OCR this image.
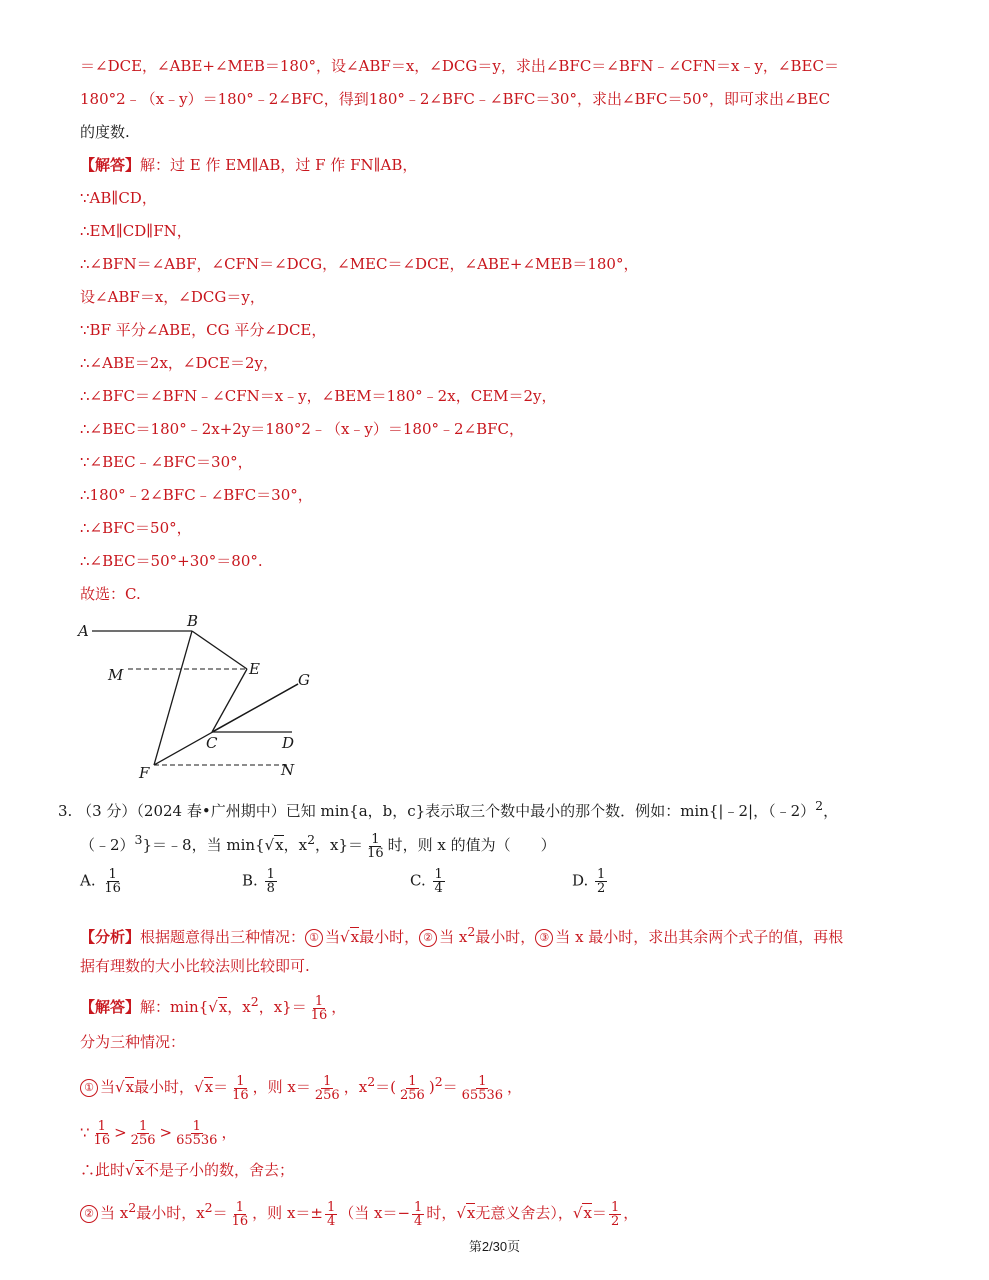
＝∠DCE，∠ABE+∠MEB＝180°，设∠ABF＝x，∠DCG＝y，求出∠BFC＝∠BFN﹣∠CFN＝x﹣y，∠BEC＝
180°2﹣（x﹣y）＝180°﹣2∠BFC，得到180°﹣2∠BFC﹣∠BFC＝30°，求出∠BFC＝50°，即可求出∠BEC
的度数.
【解答】解：过 E 作 EM∥AB，过 F 作 FN∥AB，
∵AB∥CD，
∴EM∥CD∥FN，
∴∠BFN＝∠ABF，∠CFN＝∠DCG，∠MEC＝∠DCE，∠ABE+∠MEB＝180°，
设∠ABF＝x，∠DCG＝y，
∵BF 平分∠ABE，CG 平分∠DCE，
∴∠ABE＝2x，∠DCE＝2y，
∴∠BFC＝∠BFN﹣∠CFN＝x﹣y，∠BEM＝180°﹣2x，CEM＝2y，
∴∠BEC＝180°﹣2x+2y＝180°2﹣（x﹣y）＝180°﹣2∠BFC，
∵∠BEC﹣∠BFC＝30°，
∴180°﹣2∠BFC﹣∠BFC＝30°，
∴∠BFC＝50°，
∴∠BEC＝50°+30°＝80°.
故选：C.
A
B
M	E
G
C	D
F	N
3. （3 分）（2024 春•广州期中）已知 min{a，b，c}表示取三个数中最小的那个数．例如：min{|﹣2|，（﹣2）$^2$，
（﹣2）$^3$}＝﹣8，当 min{√x，$x^2$，$x\}= \frac{1}{16}$ 时，则 x 的值为（　　）
A. $\frac{1}{16}$	B. $\frac{1}{8}$	C. $\frac{1}{4}$	D. $\frac{1}{2}$
【分析】根据题意得出三种情况： ① 当√x最小时， ② 当 $x^2$最小时， ③ 当 x 最小时，求出其余两个式子的值，再根
据有理数的大小比较法则比较即可.
【解答】解：min{√x，$x^2$，$x\}= \frac{1}{16}$ ，
分为三种情况：
① 当√x最小时，$√x= \frac{1}{16}$ ，则 $x= \frac{1}{256}$ ，$x^2=( \frac{1}{256} )^2= \frac{1}{65536}$ ，
∵ $\frac{1}{16} > \frac{1}{256} > \frac{1}{65536}$ ，
∴此时√x不是子小的数，舍去；
② 当 $x^2$最小时，$x^2= \frac{1}{16}$ ，则 $x=\pm \frac{1}{4}$ （当 $x=- \frac{1}{4}$ 时，√x无意义舍去），$√x= \frac{1}{2}$ ，
第2/30页
